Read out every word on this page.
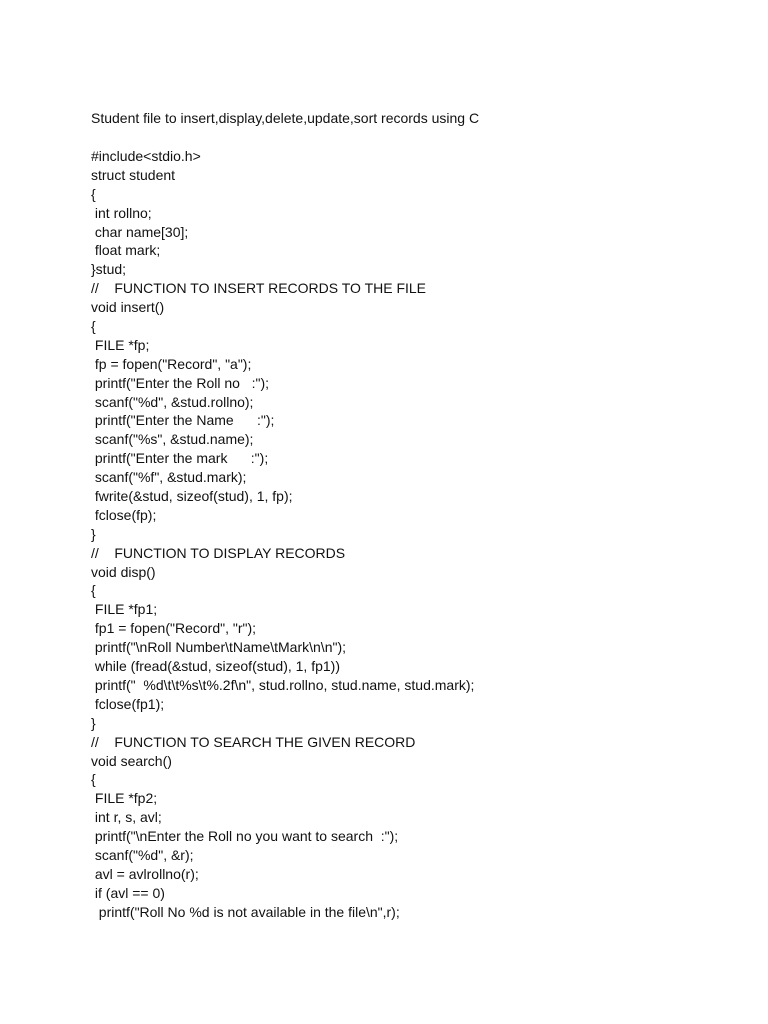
Student file to insert,display,delete,update,sort records using C
#include<stdio.h>
struct student
{
int rollno;
char name[30];
float mark;
}stud;
//    FUNCTION TO INSERT RECORDS TO THE FILE
void insert()
{
FILE *fp;
fp = fopen("Record", "a");
printf("Enter the Roll no   :");
scanf("%d", &stud.rollno);
printf("Enter the Name      :");
scanf("%s", &stud.name);
printf("Enter the mark      :");
scanf("%f", &stud.mark);
fwrite(&stud, sizeof(stud), 1, fp);
fclose(fp);
}
//    FUNCTION TO DISPLAY RECORDS
void disp()
{
FILE *fp1;
fp1 = fopen("Record", "r");
printf("\nRoll Number\tName\tMark\n\n");
while (fread(&stud, sizeof(stud), 1, fp1))
printf("  %d\t\t%s\t%.2f\n", stud.rollno, stud.name, stud.mark);
fclose(fp1);
}
//    FUNCTION TO SEARCH THE GIVEN RECORD
void search()
{
FILE *fp2;
int r, s, avl;
printf("\nEnter the Roll no you want to search  :");
scanf("%d", &r);
avl = avlrollno(r);
if (avl == 0)
printf("Roll No %d is not available in the file\n",r);
